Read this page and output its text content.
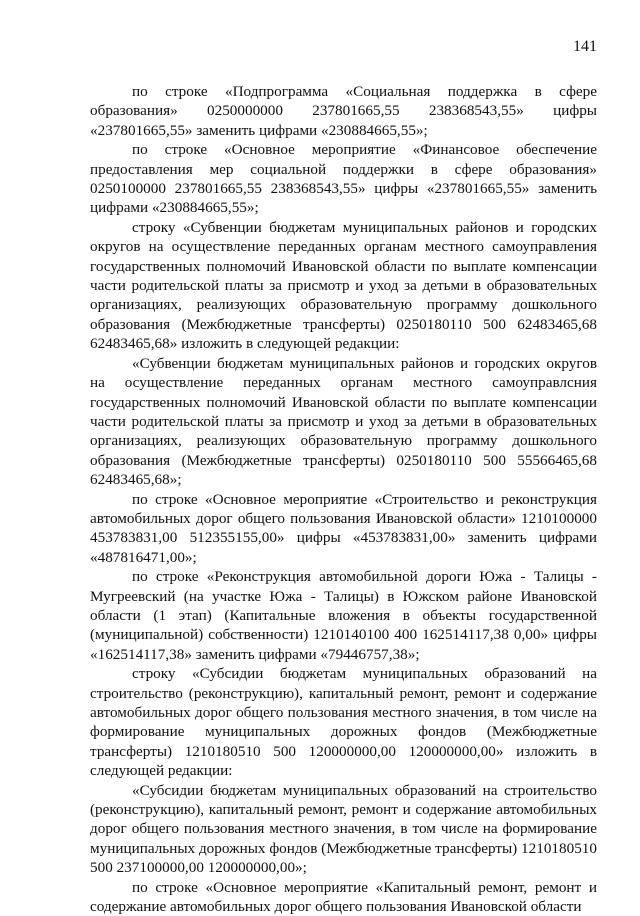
141

по строке «Подпрограмма «Социальная поддержка в сфере образования» 0250000000 237801665,55 238368543,55» цифры «237801665,55» заменить цифрами «230884665,55»;

по строке «Основное мероприятие «Финансовое обеспечение предоставления мер социальной поддержки в сфере образования» 0250100000 237801665,55 238368543,55» цифры «237801665,55» заменить цифрами «230884665,55»;

строку «Субвенции бюджетам муниципальных районов и городских округов на осуществление переданных органам местного самоуправления государственных полномочий Ивановской области по выплате компенсации части родительской платы за присмотр и уход за детьми в образовательных организациях, реализующих образовательную программу дошкольного образования (Межбюджетные трансферты) 0250180110 500 62483465,68 62483465,68» изложить в следующей редакции:

«Субвенции бюджетам муниципальных районов и городских округов на осуществление переданных органам местного самоуправлсния государственных полномочий Ивановской области по выплате компенсации части родительской платы за присмотр и уход за детьми в образовательных организациях, реализующих образовательную программу дошкольного образования (Межбюджетные трансферты) 0250180110 500 55566465,68 62483465,68»;

по строке «Основное мероприятие «Строительство и реконструкция автомобильных дорог общего пользования Ивановской области» 1210100000 453783831,00 512355155,00» цифры «453783831,00» заменить цифрами «487816471,00»;

по строке «Реконструкция автомобильной дороги Южа - Талицы - Мугреевский (на участке Южа - Талицы) в Южском районе Ивановской области (1 этап) (Капитальные вложения в объекты государственной (муниципальной) собственности) 1210140100 400 162514117,38 0,00» цифры «162514117,38» заменить цифрами «79446757,38»;

строку «Субсидии бюджетам муниципальных образований на строительство (реконструкцию), капитальный ремонт, ремонт и содержание автомобильных дорог общего пользования местного значения, в том числе на формирование муниципальных дорожных фондов (Межбюджетные трансферты) 1210180510 500 120000000,00 120000000,00» изложить в следующей редакции:

«Субсидии бюджетам муниципальных образований на строительство (реконструкцию), капитальный ремонт, ремонт и содержание автомобильных дорог общего пользования местного значения, в том числе на формирование муниципальных дорожных фондов (Межбюджетные трансферты) 1210180510 500 237100000,00 120000000,00»;

по строке «Основное мероприятие «Капитальный ремонт, ремонт и содержание автомобильных дорог общего пользования Ивановской области
